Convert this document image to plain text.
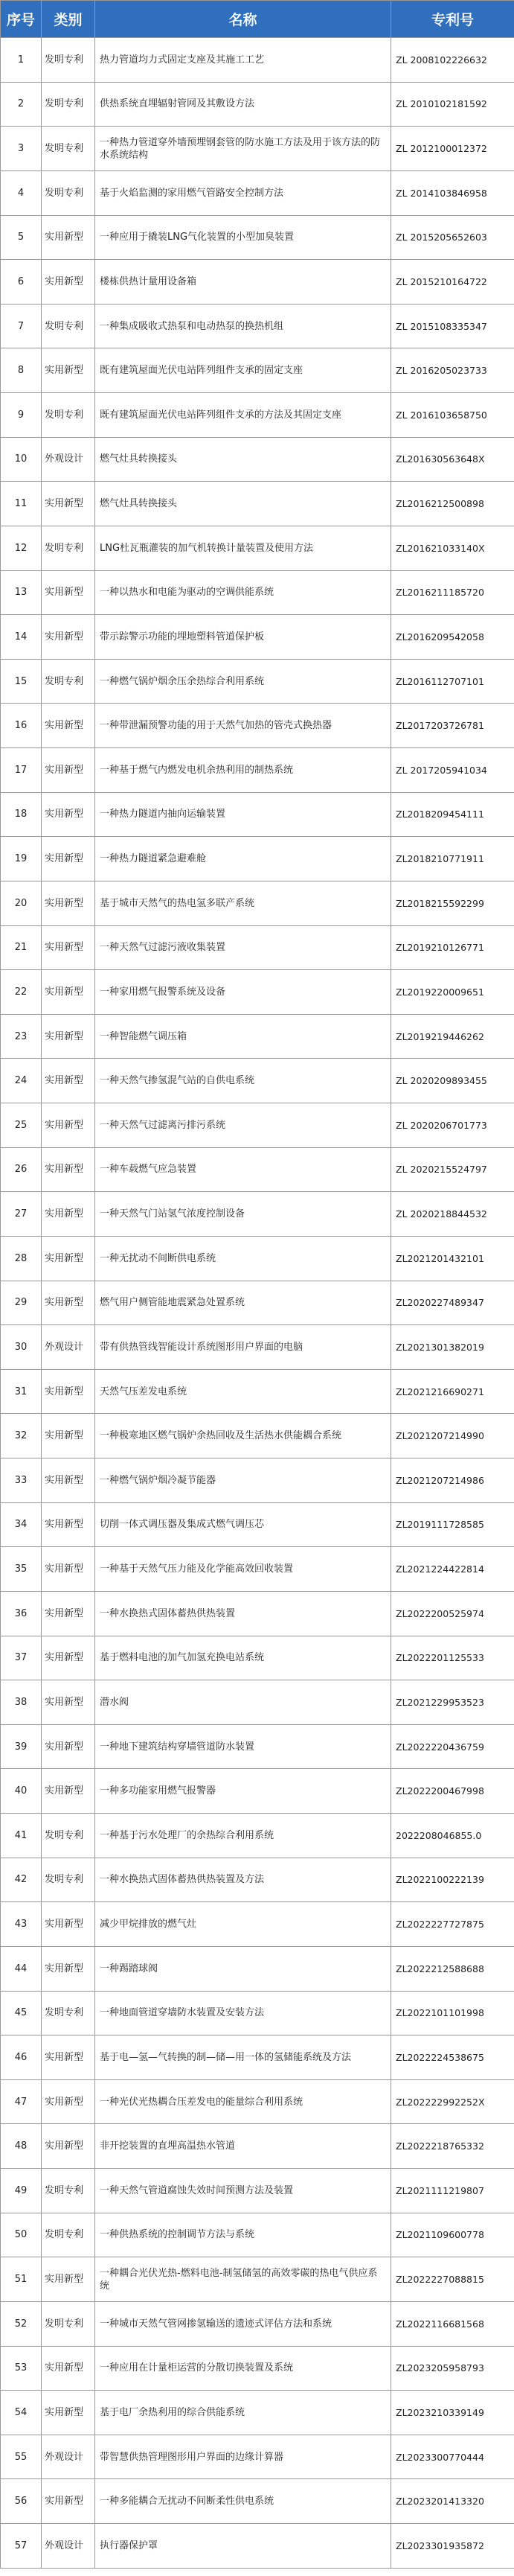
序号	类别	名称	专利号
1	发明专利	热力管道均力式固定支座及其施工工艺	ZL 2008102226632
2	发明专利	供热系统直埋辐射管网及其敷设方法	ZL 2010102181592
3	发明专利	一种热力管道穿外墙预埋钢套管的防水施工方法及用于该方法的防水系统结构	ZL 2012100012372
4	发明专利	基于火焰监测的家用燃气管路安全控制方法	ZL 2014103846958
5	实用新型	一种应用于撬装LNG气化装置的小型加臭装置	ZL 2015205652603
6	实用新型	楼栋供热计量用设备箱	ZL 2015210164722
7	发明专利	一种集成吸收式热泵和电动热泵的换热机组	ZL 2015108335347
8	实用新型	既有建筑屋面光伏电站阵列组件支承的固定支座	ZL 2016205023733
9	发明专利	既有建筑屋面光伏电站阵列组件支承的方法及其固定支座	ZL 2016103658750
10	外观设计	燃气灶具转换接头	ZL201630563648X
11	实用新型	燃气灶具转换接头	ZL2016212500898
12	发明专利	LNG杜瓦瓶灌装的加气机转换计量装置及使用方法	ZL201621033140X
13	实用新型	一种以热水和电能为驱动的空调供能系统	ZL2016211185720
14	实用新型	带示踪警示功能的埋地塑料管道保护板	ZL2016209542058
15	发明专利	一种燃气锅炉烟余压余热综合利用系统	ZL2016112707101
16	实用新型	一种带泄漏预警功能的用于天然气加热的管壳式换热器	ZL2017203726781
17	实用新型	一种基于燃气内燃发电机余热利用的制热系统	ZL 2017205941034
18	实用新型	一种热力隧道内抽向运输装置	ZL2018209454111
19	实用新型	一种热力隧道紧急避难舱	ZL2018210771911
20	实用新型	基于城市天然气的热电氢多联产系统	ZL2018215592299
21	实用新型	一种天然气过滤污液收集装置	ZL2019210126771
22	实用新型	一种家用燃气报警系统及设备	ZL2019220009651
23	实用新型	一种智能燃气调压箱	ZL2019219446262
24	实用新型	一种天然气掺氢混气站的自供电系统	ZL 2020209893455
25	实用新型	一种天然气过滤离污排污系统	ZL 2020206701773
26	实用新型	一种车载燃气应急装置	ZL 2020215524797
27	实用新型	一种天然气门站氢气浓度控制设备	ZL 2020218844532
28	实用新型	一种无扰动不间断供电系统	ZL2021201432101
29	实用新型	燃气用户侧管能地震紧急处置系统	ZL2020227489347
30	外观设计	带有供热管线智能设计系统图形用户界面的电脑	ZL2021301382019
31	实用新型	天然气压差发电系统	ZL2021216690271
32	实用新型	一种极寒地区燃气锅炉余热回收及生活热水供能耦合系统	ZL2021207214990
33	实用新型	一种燃气锅炉烟冷凝节能器	ZL2021207214986
34	实用新型	切削一体式调压器及集成式燃气调压芯	ZL2019111728585
35	实用新型	一种基于天然气压力能及化学能高效回收装置	ZL2021224422814
36	实用新型	一种水换热式固体蓄热供热装置	ZL2022200525974
37	实用新型	基于燃料电池的加气加氢充换电站系统	ZL2022201125533
38	实用新型	潜水阀	ZL2021229953523
39	实用新型	一种地下建筑结构穿墙管道防水装置	ZL2022220436759
40	实用新型	一种多功能家用燃气报警器	ZL2022200467998
41	发明专利	一种基于污水处理厂的余热综合利用系统	2022208046855.0
42	发明专利	一种水换热式固体蓄热供热装置及方法	ZL2022100222139
43	实用新型	减少甲烷排放的燃气灶	ZL2022227727875
44	实用新型	一种踢踏球阀	ZL2022212588688
45	发明专利	一种地面管道穿墙防水装置及安装方法	ZL2022101101998
46	实用新型	基于电—氢—气转换的制—储—用一体的氢储能系统及方法	ZL2022224538675
47	实用新型	一种光伏光热耦合压差发电的能量综合利用系统	ZL202222992252X
48	实用新型	非开挖装置的直埋高温热水管道	ZL2022218765332
49	发明专利	一种天然气管道腐蚀失效时间预测方法及装置	ZL2021111219807
50	发明专利	一种供热系统的控制调节方法与系统	ZL2021109600778
51	实用新型	一种耦合光伏光热-燃料电池-制氢储氢的高效零碳的热电气供应系统	ZL2022227088815
52	发明专利	一种城市天然气管网掺氢输送的遗迹式评估方法和系统	ZL2022116681568
53	实用新型	一种应用在计量柜运营的分散切换装置及系统	ZL2023205958793
54	实用新型	基于电厂余热利用的综合供能系统	ZL2023210339149
55	外观设计	带智慧供热管理图形用户界面的边缘计算器	ZL2023300770444
56	实用新型	一种多能耦合无扰动不间断柔性供电系统	ZL2023201413320
57	外观设计	执行器保护罩	ZL2023301935872
